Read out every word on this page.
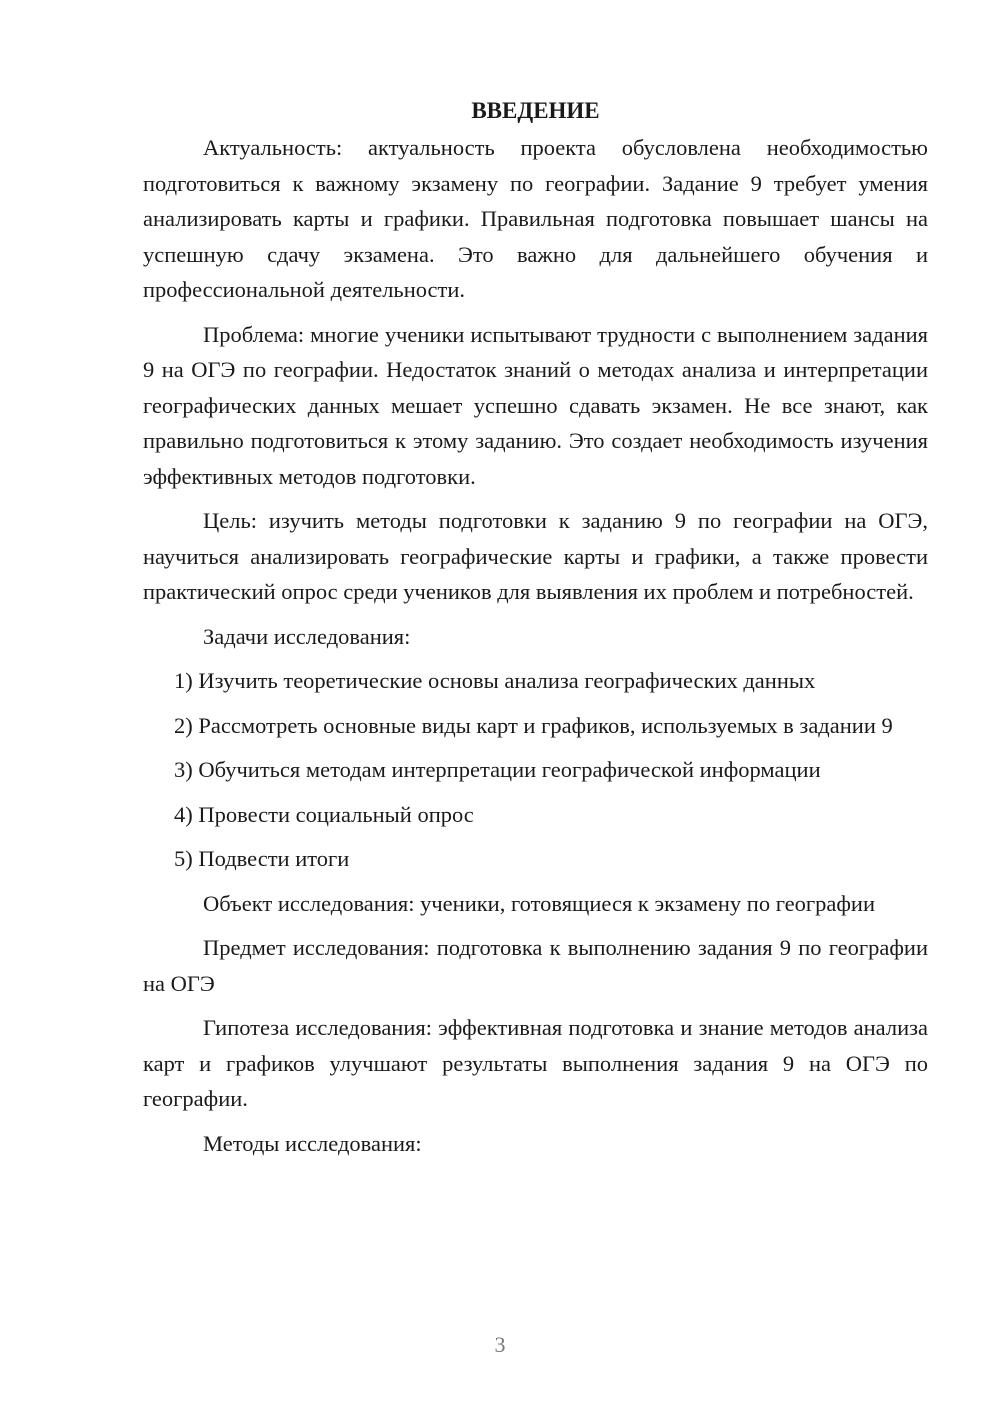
ВВЕДЕНИЕ

Актуальность: актуальность проекта обусловлена необходимостью подготовиться к важному экзамену по географии. Задание 9 требует умения анализировать карты и графики. Правильная подготовка повышает шансы на успешную сдачу экзамена. Это важно для дальнейшего обучения и профессиональной деятельности.

Проблема: многие ученики испытывают трудности с выполнением задания 9 на ОГЭ по географии. Недостаток знаний о методах анализа и интерпретации географических данных мешает успешно сдавать экзамен. Не все знают, как правильно подготовиться к этому заданию. Это создает необходимость изучения эффективных методов подготовки.

Цель: изучить методы подготовки к заданию 9 по географии на ОГЭ, научиться анализировать географические карты и графики, а также провести практический опрос среди учеников для выявления их проблем и потребностей.

Задачи исследования:

1) Изучить теоретические основы анализа географических данных

2) Рассмотреть основные виды карт и графиков, используемых в задании 9

3) Обучиться методам интерпретации географической информации

4) Провести социальный опрос

5) Подвести итоги

Объект исследования: ученики, готовящиеся к экзамену по географии

Предмет исследования: подготовка к выполнению задания 9 по географии на ОГЭ

Гипотеза исследования: эффективная подготовка и знание методов анализа карт и графиков улучшают результаты выполнения задания 9 на ОГЭ по географии.

Методы исследования:

3
